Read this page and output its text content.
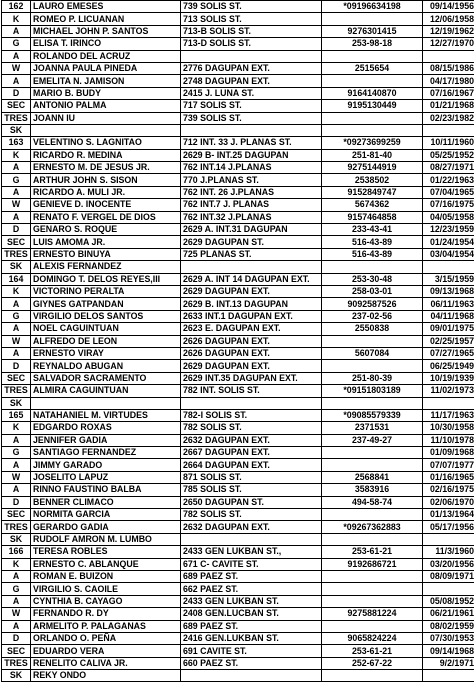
162	LAURO EMESES	739 SOLIS ST.	*09196634198	09/14/1956
K	ROMEO P. LICUANAN	713 SOLIS ST.		12/06/1958
A	MICHAEL JOHN P. SANTOS	713-B SOLIS ST.	9276301415	12/19/1962
G	ELISA T. IRINCO	713-D SOLIS ST.	253-98-18	12/27/1970
A	ROLANDO DEL ACRUZ			
W	JOANNA PAULA PINEDA	2776 DAGUPAN EXT.	2515654	08/15/1986
A	EMELITA N. JAMISON	2748 DAGUPAN EXT.		04/17/1980
D	MARIO B. BUDY	2415 J. LUNA ST.	9164140870	07/16/1967
SEC	ANTONIO PALMA	717 SOLIS ST.	9195130449	01/21/1968
TRES	JOANN IU	739 SOLIS ST.		02/23/1982
SK				
163	VELENTINO S. LAGNITAO	712 INT. 33 J. PLANAS ST.	*09273699259	10/11/1960
K	RICARDO R. MEDINA	2629 B- INT.25 DAGUPAN	251-81-40	05/25/1952
A	ERNESTO M. DE JESUS JR.	762 INT.14 J.PLANAS	9275144919	08/27/1971
G	ARTHUR JOHN S. SISON	770 J.PLANAS ST.	2538502	01/22/1963
A	RICARDO A. MULI JR.	762 INT. 26 J.PLANAS	9152849747	07/04/1965
W	GENIEVE D. INOCENTE	762 INT.7 J. PLANAS	5674362	07/16/1975
A	RENATO F. VERGEL DE DIOS	762 INT.32 J.PLANAS	9157464858	04/05/1958
D	GENARO S. ROQUE	2629 A. INT.31 DAGUPAN	233-43-41	12/23/1959
SEC	LUIS AMOMA JR.	2629 DAGUPAN ST.	516-43-89	01/24/1954
TRES	ERNESTO BINUYA	725 PLANAS ST.	516-43-89	03/04/1954
SK	ALEXIS FERNANDEZ			
164	DOMINGO T. DELOS REYES,III	2629 A. INT 14 DAGUPAN EXT.	253-30-48	3/15/1959
K	VICTORINO PERALTA	2629 DAGUPAN EXT.	258-03-01	09/13/1968
A	GIYNES GATPANDAN	2629 B. INT.13 DAGUPAN	9092587526	06/11/1963
G	VIRGILIO DELOS SANTOS	2633 INT.1 DAGUPAN EXT.	237-02-56	04/11/1968
A	NOEL CAGUINTUAN	2623 E. DAGUPAN EXT.	2550838	09/01/1975
W	ALFREDO DE LEON	2626 DAGUPAN EXT.		02/25/1957
A	ERNESTO VIRAY	2626 DAGUPAN EXT.	5607084	07/27/1965
D	REYNALDO ABUGAN	2629 DAGUPAN EXT.		06/25/1949
SEC	SALVADOR SACRAMENTO	2629 INT.35 DAGUPAN EXT.	251-80-39	10/19/1939
TRES	ALMIRA CAGUINTUAN	782 INT. SOLIS ST.	*09151803189	11/02/1973
SK				
165	NATAHANIEL M. VIRTUDES	782-I SOLIS ST.	*09085579339	11/17/1963
K	EDGARDO ROXAS	782 SOLIS ST.	2371531	10/30/1958
A	JENNIFER GADIA	2632 DAGUPAN EXT.	237-49-27	11/10/1978
G	SANTIAGO FERNANDEZ	2667 DAGUPAN EXT.		01/09/1968
A	JIMMY GARADO	2664 DAGUPAN EXT.		07/07/1977
W	JOSELITO LAPUZ	871 SOLIS ST.	2568841	01/16/1965
A	RINNO FAUSTINO BALBA	785 SOLIS ST.	3583916	02/16/1975
D	BENNER CLIMACO	2650 DAGUPAN ST.	494-58-74	02/06/1970
SEC	NORMITA GARCIA	782 SOLIS ST.		01/13/1964
TRES	GERARDO GADIA	2632 DAGUPAN EXT.	*09267362883	05/17/1956
SK	RUDOLF AMRON M. LUMBO			
166	TERESA ROBLES	2433 GEN LUKBAN ST.,	253-61-21	11/3/1960
K	ERNESTO C. ABLANQUE	671 C- CAVITE ST.	9192686721	03/20/1956
A	ROMAN E. BUIZON	689 PAEZ ST.		08/09/1971
G	VIRGILIO S. CAOILE	662 PAEZ ST.		
A	CYNTHIA B. CAYAGO	2433 GEN LUKBAN ST.		05/08/1952
W	FERNANDO R. DY	2408 GEN.LUCBAN ST.	9275881224	06/21/1961
A	ARMELITO P. PALAGANAS	689 PAEZ ST.		08/02/1959
D	ORLANDO O. PEÑA	2416 GEN.LUKBAN ST.	9065824224	07/30/1953
SEC	EDUARDO VERA	691 CAVITE ST.	253-61-21	09/14/1968
TRES	RENELITO CALIVA JR.	660 PAEZ ST.	252-67-22	9/2/1971
SK	REKY ONDO			
